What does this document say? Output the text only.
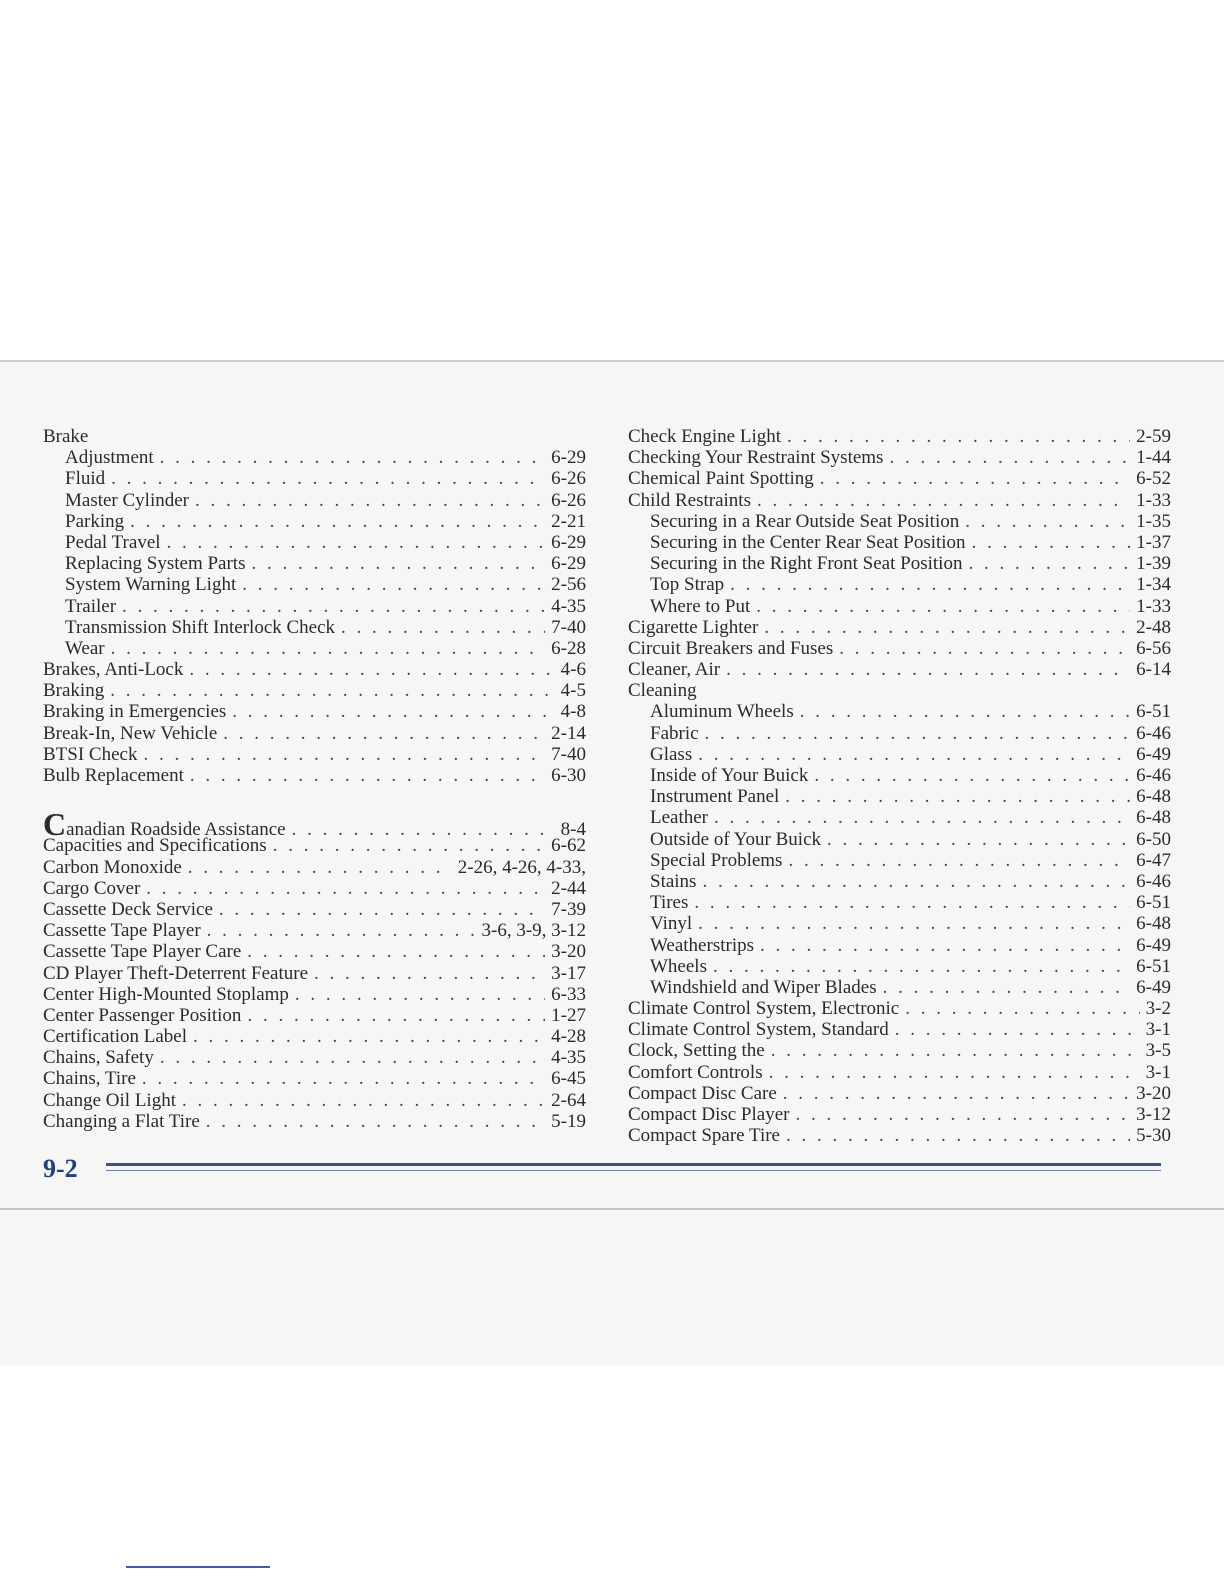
Brake
Adjustment . . .	6-29
Fluid . . .	6-26
Master Cylinder . . .	6-26
Parking . . .	2-21
Pedal Travel . . .	6-29
Replacing System Parts . . .	6-29
System Warning Light . . .	2-56
Trailer . . .	4-35
Transmission Shift Interlock Check . . .	7-40
Wear . . .	6-28
Brakes, Anti-Lock . . .	4-6
Braking . . .	4-5
Braking in Emergencies . . .	4-8
Break-In, New Vehicle . . .	2-14
BTSI Check . . .	7-40
Bulb Replacement . . .	6-30
Canadian Roadside Assistance . . .	8-4
Capacities and Specifications . . .	6-62
Carbon Monoxide . . .	2-26, 4-26, 4-33,
Cargo Cover . . .	2-44
Cassette Deck Service . . .	7-39
Cassette Tape Player . . .	3-6, 3-9, 3-12
Cassette Tape Player Care . . .	3-20
CD Player Theft-Deterrent Feature . . .	3-17
Center High-Mounted Stoplamp . . .	6-33
Center Passenger Position . . .	1-27
Certification Label . . .	4-28
Chains, Safety . . .	4-35
Chains, Tire . . .	6-45
Change Oil Light . . .	2-64
Changing a Flat Tire . . .	5-19
Check Engine Light . . .	2-59
Checking Your Restraint Systems . . .	1-44
Chemical Paint Spotting . . .	6-52
Child Restraints . . .	1-33
Securing in a Rear Outside Seat Position . . .	1-35
Securing in the Center Rear Seat Position . . .	1-37
Securing in the Right Front Seat Position . . .	1-39
Top Strap . . .	1-34
Where to Put . . .	1-33
Cigarette Lighter . . .	2-48
Circuit Breakers and Fuses . . .	6-56
Cleaner, Air . . .	6-14
Cleaning
Aluminum Wheels . . .	6-51
Fabric . . .	6-46
Glass . . .	6-49
Inside of Your Buick . . .	6-46
Instrument Panel . . .	6-48
Leather . . .	6-48
Outside of Your Buick . . .	6-50
Special Problems . . .	6-47
Stains . . .	6-46
Tires . . .	6-51
Vinyl . . .	6-48
Weatherstrips . . .	6-49
Wheels . . .	6-51
Windshield and Wiper Blades . . .	6-49
Climate Control System, Electronic . . .	3-2
Climate Control System, Standard . . .	3-1
Clock, Setting the . . .	3-5
Comfort Controls . . .	3-1
Compact Disc Care . . .	3-20
Compact Disc Player . . .	3-12
Compact Spare Tire . . .	5-30
9-2
